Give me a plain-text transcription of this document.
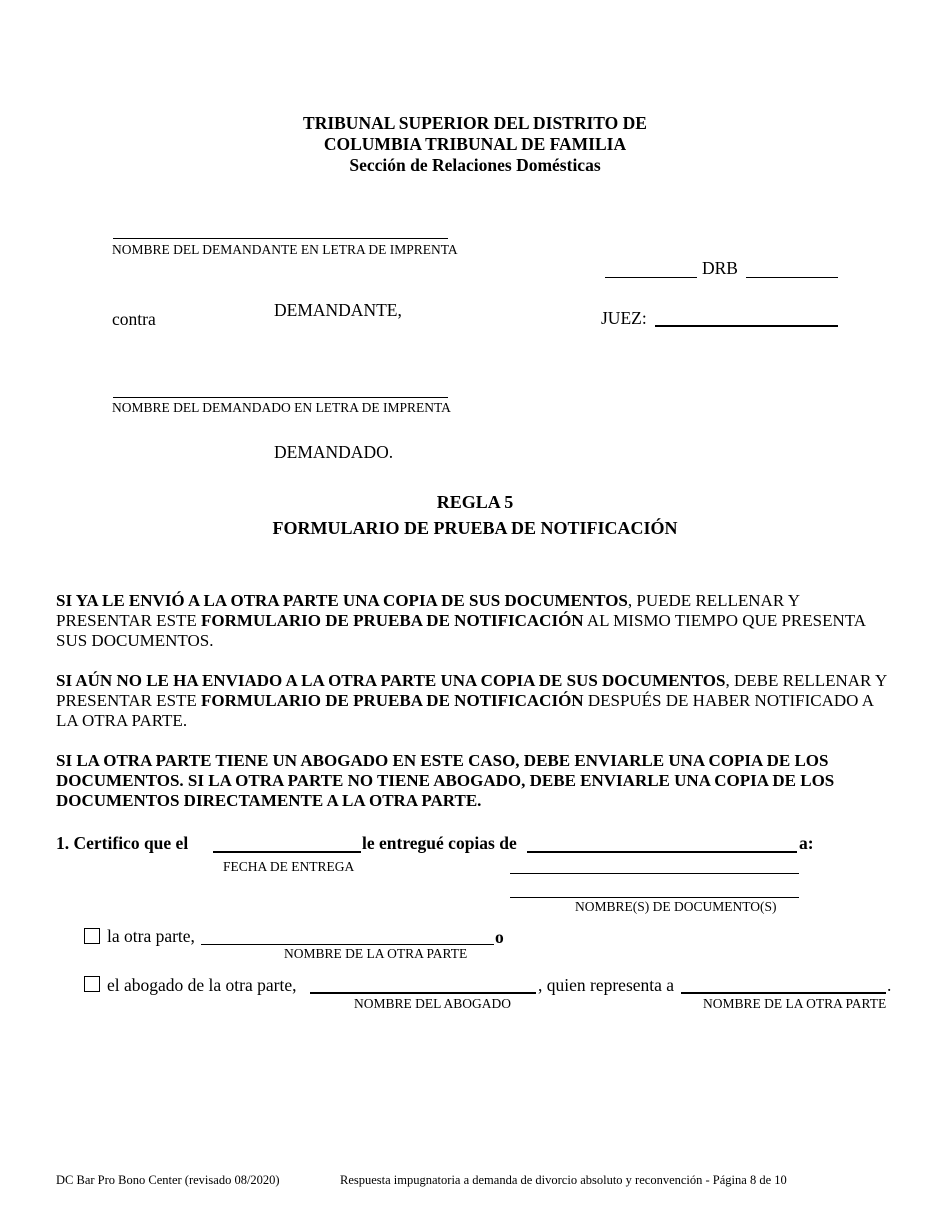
TRIBUNAL SUPERIOR DEL DISTRITO DE
COLUMBIA TRIBUNAL DE FAMILIA
Sección de Relaciones Domésticas
NOMBRE DEL DEMANDANTE EN LETRA DE IMPRENTA
DEMANDANTE,
contra
DRB
JUEZ:
NOMBRE DEL DEMANDADO EN LETRA DE IMPRENTA
DEMANDADO.
REGLA 5
FORMULARIO DE PRUEBA DE NOTIFICACIÓN
SI YA LE ENVIÓ A LA OTRA PARTE UNA COPIA DE SUS DOCUMENTOS, PUEDE RELLENAR Y PRESENTAR ESTE FORMULARIO DE PRUEBA DE NOTIFICACIÓN AL MISMO TIEMPO QUE PRESENTA SUS DOCUMENTOS.
SI AÚN NO LE HA ENVIADO A LA OTRA PARTE UNA COPIA DE SUS DOCUMENTOS, DEBE RELLENAR Y PRESENTAR ESTE FORMULARIO DE PRUEBA DE NOTIFICACIÓN DESPUÉS DE HABER NOTIFICADO A LA OTRA PARTE.
SI LA OTRA PARTE TIENE UN ABOGADO EN ESTE CASO, DEBE ENVIARLE UNA COPIA DE LOS DOCUMENTOS. SI LA OTRA PARTE NO TIENE ABOGADO, DEBE ENVIARLE UNA COPIA DE LOS DOCUMENTOS DIRECTAMENTE A LA OTRA PARTE.
1. Certifico que el	le entregué copias de	a:
FECHA DE ENTREGA
NOMBRE(S) DE DOCUMENTO(S)
la otra parte,	o
NOMBRE DE LA OTRA PARTE
el abogado de la otra parte,	, quien representa a	.
NOMBRE DEL ABOGADO	NOMBRE DE LA OTRA PARTE
DC Bar Pro Bono Center (revisado 08/2020)	Respuesta impugnatoria a demanda de divorcio absoluto y reconvención - Página 8 de 10
